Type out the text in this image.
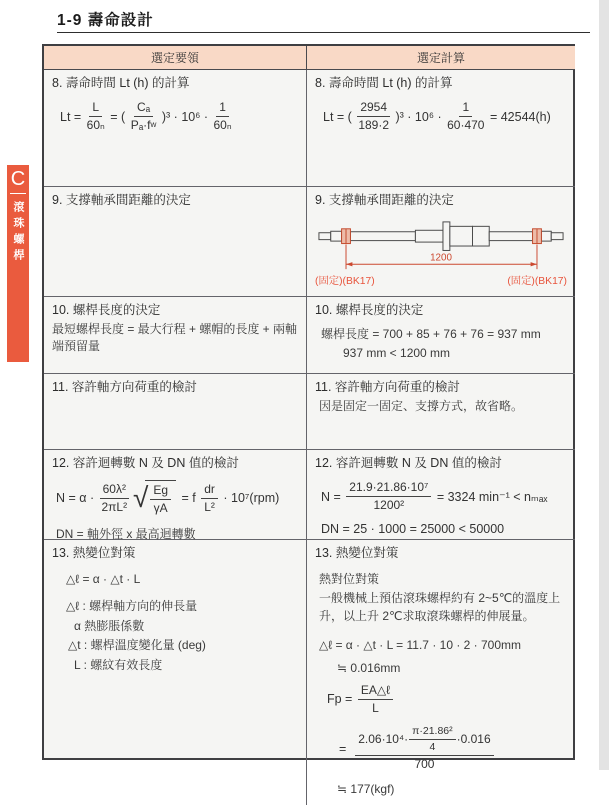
1-9 壽命設計
C
滾珠螺桿
選定要領	選定計算
8. 壽命時間 Lt (h) 的計算
$Lt = \frac{L}{\text{60ₙ}}$ = ( $\frac{\text{Cₐ}}{\text{Pₐ·f w}} )^3 \cdot 10^6 \cdot \frac{1}{\text{60ₙ}}$
8. 壽命時間 Lt (h) 的計算
Lt = ( $\frac{2954}{189\cdot 2} )^3 \cdot 10^6 \cdot \frac{1}{60\cdot 470} = 42544(h)$
9. 支撐軸承間距離的決定	9. 支撐軸承間距離的決定
1200
(固定)(BK17)	(固定)(BK17)
10. 螺桿長度的決定
最短螺桿長度 = 最大行程 + 螺帽的長度 + 兩軸端預留量
10. 螺桿長度的決定
螺桿長度 = 700 + 85 + 76 + 76 = 937 mm
937 mm < 1200 mm
11. 容許軸方向荷重的檢討	11. 容許軸方向荷重的檢討
因是固定一固定、支撐方式，故省略。
12. 容許迴轉數 N 及 DN 值的檢討
$N = \alpha \cdot \frac{\text{60λ²}}{\text{2πL²}}$ √ $\frac{Eg}{\gamma A} = f \frac{dr}{\text{L²}} \cdot 10^7(rpm)$
DN = 軸外徑 x 最高迴轉數
12. 容許迴轉數 N 及 DN 值的檢討
$N = \frac{\text{21.9·21.86·10⁷}}{\text{1200²}} = 3324$ min⁻¹ < nₘₐₓ
DN = 25 · 1000 = 25000 < 50000
13. 熱變位對策
△ℓ = α · △t · L
△ℓ : 螺桿軸方向的伸長量
α 熱膨脹係數
△t : 螺桿溫度變化量 (deg)
L : 螺紋有效長度
13. 熱變位對策
熱對位對策
一般機械上預估滾珠螺桿約有 2~5℃的溫度上升，以上升 2℃求取滾珠螺桿的伸展量。
△ℓ = α · △t · L = 11.7 · 10 · 2 · 700mm
≒ 0.016mm
$Fp = \frac{\text{EA△ℓ}}{L}$
= $\frac{2.06\cdot 10^4\cdot \frac{\text{π·21.86²}}{4} \cdot 0.016}{700}$
≒ 177(kgf)
